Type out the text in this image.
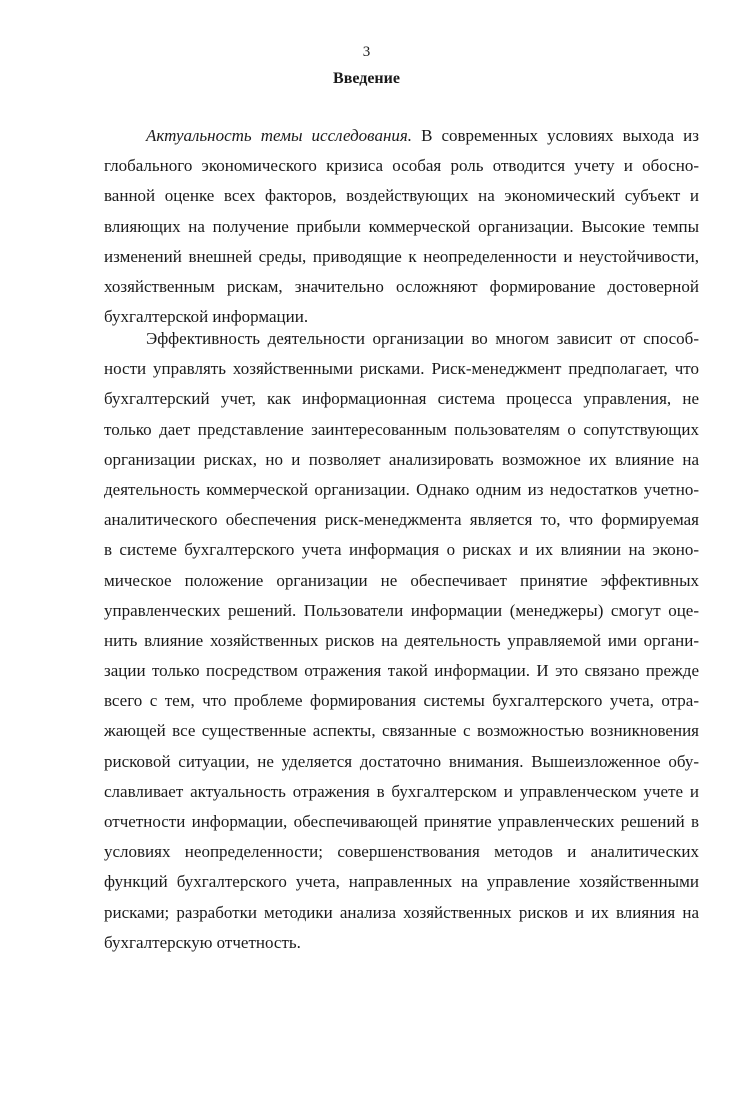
3
Введение
Актуальность темы исследования. В современных условиях выхода из
глобального экономического кризиса особая роль отводится учету и обосно-
ванной оценке всех факторов, воздействующих на экономический субъект и
влияющих на получение прибыли коммерческой организации. Высокие темпы
изменений внешней среды, приводящие к неопределенности и неустойчивости,
хозяйственным рискам, значительно осложняют формирование достоверной
бухгалтерской информации.
Эффективность деятельности организации во многом зависит от способ-
ности управлять хозяйственными рисками. Риск-менеджмент предполагает, что
бухгалтерский учет, как информационная система процесса управления, не
только дает представление заинтересованным пользователям о сопутствующих
организации рисках, но и позволяет анализировать возможное их влияние на
деятельность коммерческой организации. Однако одним из недостатков учетно-
аналитического обеспечения риск-менеджмента является то, что формируемая
в системе бухгалтерского учета информация о рисках и их влиянии на эконо-
мическое положение организации не обеспечивает принятие эффективных
управленческих решений. Пользователи информации (менеджеры) смогут оце-
нить влияние хозяйственных рисков на деятельность управляемой ими органи-
зации только посредством отражения такой информации. И это связано прежде
всего с тем, что проблеме формирования системы бухгалтерского учета, отра-
жающей все существенные аспекты, связанные с возможностью возникновения
рисковой ситуации, не уделяется достаточно внимания. Вышеизложенное обу-
славливает актуальность отражения в бухгалтерском и управленческом учете и
отчетности информации, обеспечивающей принятие управленческих решений в
условиях неопределенности; совершенствования методов и аналитических
функций бухгалтерского учета, направленных на управление хозяйственными
рисками; разработки методики анализа хозяйственных рисков и их влияния на
бухгалтерскую отчетность.
